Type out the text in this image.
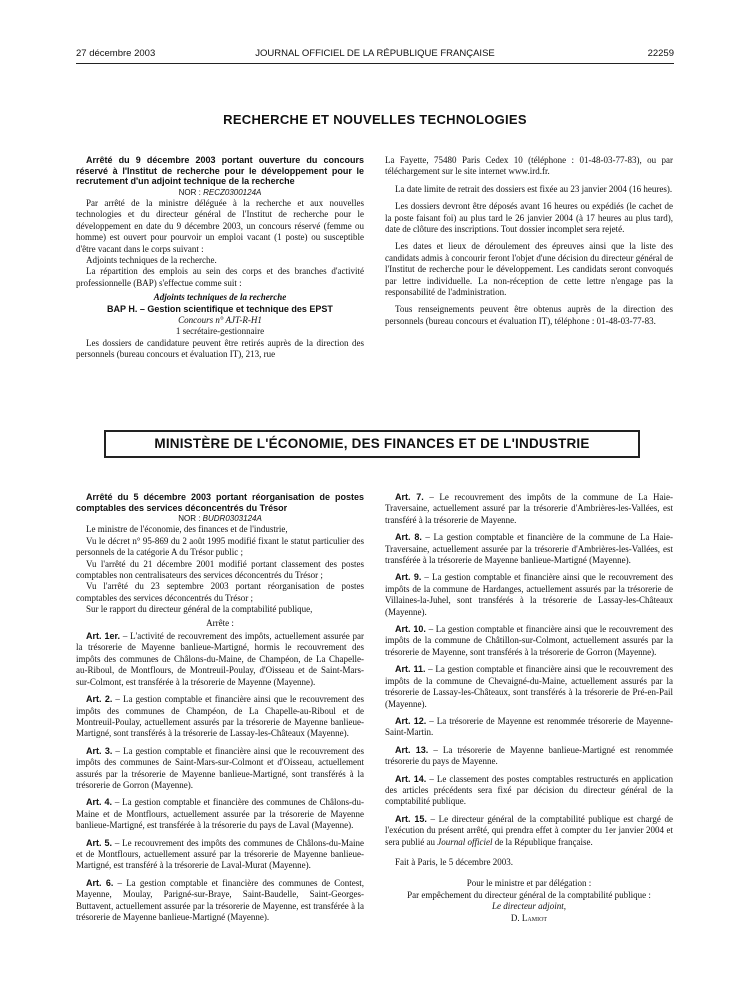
27 décembre 2003	JOURNAL OFFICIEL DE LA RÉPUBLIQUE FRANÇAISE	22259
RECHERCHE ET NOUVELLES TECHNOLOGIES

Arrêté du 9 décembre 2003 portant ouverture du concours réservé à l'Institut de recherche pour le développement pour le recrutement d'un adjoint technique de la recherche

NOR : RECZ0300124A

Par arrêté de la ministre déléguée à la recherche et aux nouvelles technologies et du directeur général de l'Institut de recherche pour le développement en date du 9 décembre 2003, un concours réservé (femme ou homme) est ouvert pour pourvoir un emploi vacant (1 poste) ou susceptible d'être vacant dans le corps suivant :

Adjoints techniques de la recherche.

La répartition des emplois au sein des corps et des branches d'activité professionnelle (BAP) s'effectue comme suit :

Adjoints techniques de la recherche

BAP H. – Gestion scientifique et technique des EPST

Concours n° AJT-R-H1

1 secrétaire-gestionnaire

Les dossiers de candidature peuvent être retirés auprès de la direction des personnels (bureau concours et évaluation IT), 213, rue

La Fayette, 75480 Paris Cedex 10 (téléphone : 01-48-03-77-83), ou par téléchargement sur le site internet www.ird.fr.

La date limite de retrait des dossiers est fixée au 23 janvier 2004 (16 heures).

Les dossiers devront être déposés avant 16 heures ou expédiés (le cachet de la poste faisant foi) au plus tard le 26 janvier 2004 (à 17 heures au plus tard), date de clôture des inscriptions. Tout dossier incomplet sera rejeté.

Les dates et lieux de déroulement des épreuves ainsi que la liste des candidats admis à concourir feront l'objet d'une décision du directeur général de l'Institut de recherche pour le développement. Les candidats seront convoqués par lettre individuelle. La non-réception de cette lettre n'engage pas la responsabilité de l'administration.

Tous renseignements peuvent être obtenus auprès de la direction des personnels (bureau concours et évaluation IT), téléphone : 01-48-03-77-83.

MINISTÈRE DE L'ÉCONOMIE, DES FINANCES ET DE L'INDUSTRIE

Arrêté du 5 décembre 2003 portant réorganisation de postes comptables des services déconcentrés du Trésor

NOR : BUDR0303124A

Le ministre de l'économie, des finances et de l'industrie,

Vu le décret n° 95-869 du 2 août 1995 modifié fixant le statut particulier des personnels de la catégorie A du Trésor public ;

Vu l'arrêté du 21 décembre 2001 modifié portant classement des postes comptables non centralisateurs des services déconcentrés du Trésor ;

Vu l'arrêté du 23 septembre 2003 portant réorganisation de postes comptables des services déconcentrés du Trésor ;

Sur le rapport du directeur général de la comptabilité publique,

Arrête :

Art. 1er. – L'activité de recouvrement des impôts, actuellement assurée par la trésorerie de Mayenne banlieue-Martigné, hormis le recouvrement des impôts des communes de Châlons-du-Maine, de Champéon, de La Chapelle-au-Riboul, de Montflours, de Montreuil-Poulay, d'Oisseau et de Saint-Mars-sur-Colmont, est transférée à la trésorerie de Mayenne (Mayenne).

Art. 2. – La gestion comptable et financière ainsi que le recouvrement des impôts des communes de Champéon, de La Chapelle-au-Riboul et de Montreuil-Poulay, actuellement assurés par la trésorerie de Mayenne banlieue-Martigné, sont transférés à la trésorerie de Lassay-les-Châteaux (Mayenne).

Art. 3. – La gestion comptable et financière ainsi que le recouvrement des impôts des communes de Saint-Mars-sur-Colmont et d'Oisseau, actuellement assurés par la trésorerie de Mayenne banlieue-Martigné, sont transférés à la trésorerie de Gorron (Mayenne).

Art. 4. – La gestion comptable et financière des communes de Châlons-du-Maine et de Montflours, actuellement assurée par la trésorerie de Mayenne banlieue-Martigné, est transférée à la trésorerie du pays de Laval (Mayenne).

Art. 5. – Le recouvrement des impôts des communes de Châlons-du-Maine et de Montflours, actuellement assuré par la trésorerie de Mayenne banlieue-Martigné, est transféré à la trésorerie de Laval-Murat (Mayenne).

Art. 6. – La gestion comptable et financière des communes de Contest, Mayenne, Moulay, Parigné-sur-Braye, Saint-Baudelle, Saint-Georges-Buttavent, actuellement assurée par la trésorerie de Mayenne, est transférée à la trésorerie de Mayenne banlieue-Martigné (Mayenne).

Art. 7. – Le recouvrement des impôts de la commune de La Haie-Traversaine, actuellement assuré par la trésorerie d'Ambrières-les-Vallées, est transféré à la trésorerie de Mayenne.

Art. 8. – La gestion comptable et financière de la commune de La Haie-Traversaine, actuellement assurée par la trésorerie d'Ambrières-les-Vallées, est transférée à la trésorerie de Mayenne banlieue-Martigné (Mayenne).

Art. 9. – La gestion comptable et financière ainsi que le recouvrement des impôts de la commune de Hardanges, actuellement assurés par la trésorerie de Villaines-la-Juhel, sont transférés à la trésorerie de Lassay-les-Châteaux (Mayenne).

Art. 10. – La gestion comptable et financière ainsi que le recouvrement des impôts de la commune de Châtillon-sur-Colmont, actuellement assurés par la trésorerie de Mayenne, sont transférés à la trésorerie de Gorron (Mayenne).

Art. 11. – La gestion comptable et financière ainsi que le recouvrement des impôts de la commune de Chevaigné-du-Maine, actuellement assurés par la trésorerie de Lassay-les-Châteaux, sont transférés à la trésorerie de Pré-en-Pail (Mayenne).

Art. 12. – La trésorerie de Mayenne est renommée trésorerie de Mayenne-Saint-Martin.

Art. 13. – La trésorerie de Mayenne banlieue-Martigné est renommée trésorerie du pays de Mayenne.

Art. 14. – Le classement des postes comptables restructurés en application des articles précédents sera fixé par décision du directeur général de la comptabilité publique.

Art. 15. – Le directeur général de la comptabilité publique est chargé de l'exécution du présent arrêté, qui prendra effet à compter du 1er janvier 2004 et sera publié au Journal officiel de la République française.

Fait à Paris, le 5 décembre 2003.

Pour le ministre et par délégation :

Par empêchement du directeur général de la comptabilité publique :

Le directeur adjoint,

D. Lamiot
